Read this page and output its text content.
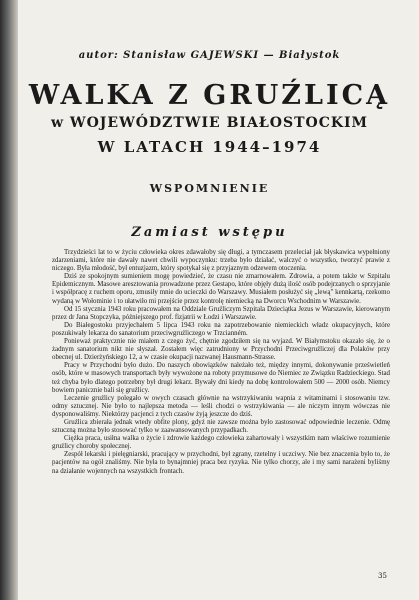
autor: Stanisław GAJEWSKI — Białystok
WALKA Z GRUŹLICĄ
w WOJEWÓDZTWIE BIAŁOSTOCKIM
W LATACH 1944–1974
WSPOMNIENIE
Zamiast wstępu

Trzydzieści lat to w życiu człowieka okres zdawałoby się długi, a tymczasem przeleciał jak błyskawica wypełniony zdarzeniami, które nie dawały nawet chwili wypoczynku: trzeba było działać, walczyć o wszystko, tworzyć prawie z niczego. Była młodość, był entuzjazm, który spotykał się z przyjaznym odzewem otoczenia.

Dziś ze spokojnym sumieniem mogę powiedzieć, że czasu nie zmarnowałem. Zdrowia, a potem także w Szpitalu Epidemicznym. Masowe aresztowania prowadzone przez Gestapo, które objęły dużą ilość osób podejrzanych o sprzyjanie i współpracę z ruchem oporu, zmusiły mnie do ucieczki do Warszawy. Musiałem posłużyć się „lewą" kennkartą, rzekomo wydaną w Wołominie i to ułatwiło mi przejście przez kontrolę niemiecką na Dworcu Wschodnim w Warszawie.

Od 15 stycznia 1943 roku pracowałem na Oddziale Gruźliczym Szpitala Dzieciątka Jezus w Warszawie, kierowanym przez dr Jana Stopczyka, późniejszego prof. fizjatrii w Łodzi i Warszawie.

Do Białegostoku przyjechałem 5 lipca 1943 roku na zapotrzebowanie niemieckich władz okupacyjnych, które poszukiwały lekarza do sanatorium przeciwgruźliczego w Trzcianném.

Ponieważ praktycznie nie miałem z czego żyć, chętnie zgodziłem się na wyjazd. W Białymstoku okazało się, że o żadnym sanatorium nikt nie słyszał. Zostałem więc zatrudniony w Przychodni Przeciwgruźliczej dla Polaków przy obecnej ul. Dzierżyńskiego 12, a w czasie okupacji nazwanej Hausmann-Strasse.

Pracy w Przychodni było dużo. Do naszych obowiązków należało też, między innymi, dokonywanie prześwietleń osób, które w masowych transportach były wywożone na roboty przymusowe do Niemiec ze Związku Radzieckiego. Stad też chyba było dlatego potrzebny był drugi lekarz. Bywały dni kiedy na dobę kontrolowałem 500 — 2000 osób. Niemcy bowiem panicznie bali się gruźlicy.

Leczenie gruźlicy polegało w owych czasach głównie na wstrzykiwaniu wapnia z witaminami i stosowaniu tzw. odmy sztucznej. Nie było to najlepsza metoda — leśli chodzi o wstrzykiwania — ale niczym innym wówczas nie dysponowaliśmy. Niektórzy pacjenci z tych czasów żyją jeszcze do dziś.

Gruźlica zbierała jednak wtedy obfite plony, gdyż nie zawsze można było zastosować odpowiednie leczenie. Odmę sztuczną można było stosować tylko w zaawansowanych przypadkach.

Ciężka praca, usiłna walka o życie i zdrowie każdego człowieka zahartowały i wszystkim nam właściwe rozumienie gruźlicy choroby społecznej.

Zespół lekarski i pielęgniarski, pracujący w przychodni, był zgrany, rzetelny i uczciwy. Nie bez znaczenia było to, że pacjentów na ogół znaliśmy. Nie była to bynajmniej praca bez ryzyka. Nie tylko chorzy, ale i my sami narażeni byliśmy na działanie wojennych na wszystkich frontach.

35
